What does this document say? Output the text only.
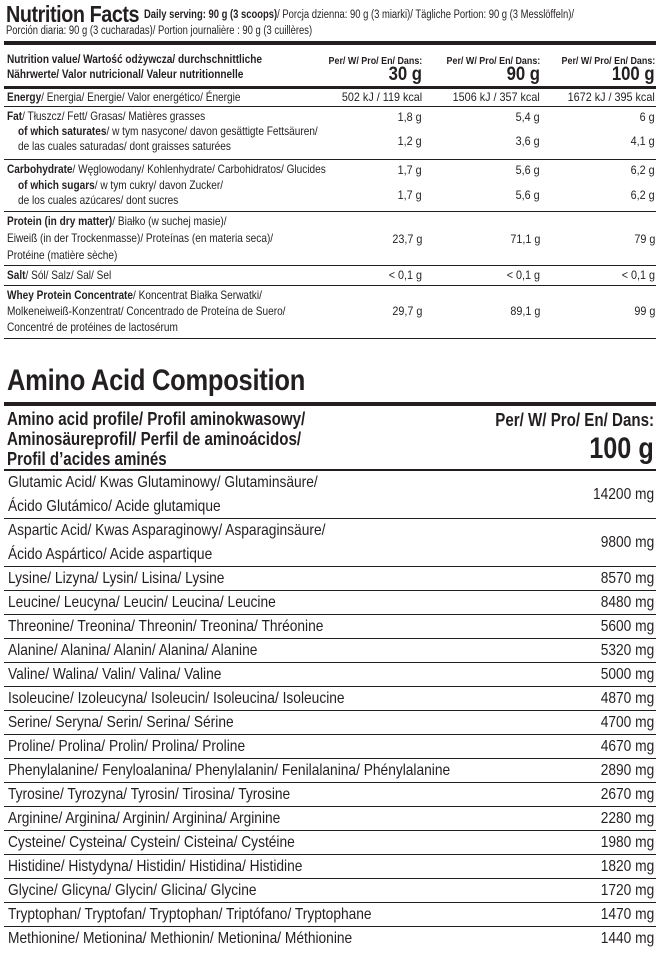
Nutrition Facts Daily serving: 90 g (3 scoops)/ Porcja dzienna: 90 g (3 miarki)/ Tägliche Portion: 90 g (3 Messlöffeln)/
Porción diaria: 90 g (3 cucharadas)/ Portion journalière : 90 g (3 cuillères)
Nutrition value/ Wartość odżywcza/ durchschnittliche
Nährwerte/ Valor nutricional/ Valeur nutritionnelle
Per/ W/ Pro/ En/ Dans: Per/ W/ Pro/ En/ Dans: Per/ W/ Pro/ En/ Dans:
30 g	90 g	100 g
Energy/ Energia/ Energie/ Valor energético/ Énergie	502 kJ / 119 kcal	1506 kJ / 357 kcal 1672 kJ / 395 kcal
Fat/ Tłuszcz/ Fett/ Grasas/ Matières grasses	1,8 g	5,4 g	6 g
of which saturates/ w tym nasycone/ davon gesättigte Fettsäuren/
de las cuales saturadas/ dont graisses saturées	1,2 g	3,6 g	4,1 g
Carbohydrate/ Węglowodany/ Kohlenhydrate/ Carbohidratos/ Glucides	1,7 g	5,6 g	6,2 g
of which sugars/ w tym cukry/ davon Zucker/
de los cuales azúcares/ dont sucres	1,7 g	5,6 g	6,2 g
Protein (in dry matter)/ Białko (w suchej masie)/
Eiweiß (in der Trockenmasse)/ Proteínas (en materia seca)/
Protéine (matière sèche)
23,7 g	71,1 g	79 g
Salt/ Sól/ Salz/ Sal/ Sel	< 0,1 g	< 0,1 g	< 0,1 g
Whey Protein Concentrate/ Koncentrat Białka Serwatki/
Molkeneiweiß-Konzentrat/ Concentrado de Proteína de Suero/
Concentré de protéines de lactosérum
29,7 g	89,1 g	99 g
Amino Acid Composition
Amino acid profile/ Profil aminokwasowy/
Aminosäureprofil/ Perfil de aminoácidos/
Profil d’acides aminés
Per/ W/ Pro/ En/ Dans:
100 g
Glutamic Acid/ Kwas Glutaminowy/ Glutaminsäure/
Ácido Glutámico/ Acide glutamique
14200 mg
Aspartic Acid/ Kwas Asparaginowy/ Asparaginsäure/
Ácido Aspártico/ Acide aspartique
9800 mg
Lysine/ Lizyna/ Lysin/ Lisina/ Lysine	8570 mg
Leucine/ Leucyna/ Leucin/ Leucina/ Leucine	8480 mg
Threonine/ Treonina/ Threonin/ Treonina/ Thréonine	5600 mg
Alanine/ Alanina/ Alanin/ Alanina/ Alanine	5320 mg
Valine/ Walina/ Valin/ Valina/ Valine	5000 mg
Isoleucine/ Izoleucyna/ Isoleucin/ Isoleucina/ Isoleucine	4870 mg
Serine/ Seryna/ Serin/ Serina/ Sérine	4700 mg
Proline/ Prolina/ Prolin/ Prolina/ Proline	4670 mg
Phenylalanine/ Fenyloalanina/ Phenylalanin/ Fenilalanina/ Phénylalanine	2890 mg
Tyrosine/ Tyrozyna/ Tyrosin/ Tirosina/ Tyrosine	2670 mg
Arginine/ Arginina/ Arginin/ Arginina/ Arginine	2280 mg
Cysteine/ Cysteina/ Cystein/ Cisteina/ Cystéine	1980 mg
Histidine/ Histydyna/ Histidin/ Histidina/ Histidine	1820 mg
Glycine/ Glicyna/ Glycin/ Glicina/ Glycine	1720 mg
Tryptophan/ Tryptofan/ Tryptophan/ Triptófano/ Tryptophane	1470 mg
Methionine/ Metionina/ Methionin/ Metionina/ Méthionine	1440 mg
